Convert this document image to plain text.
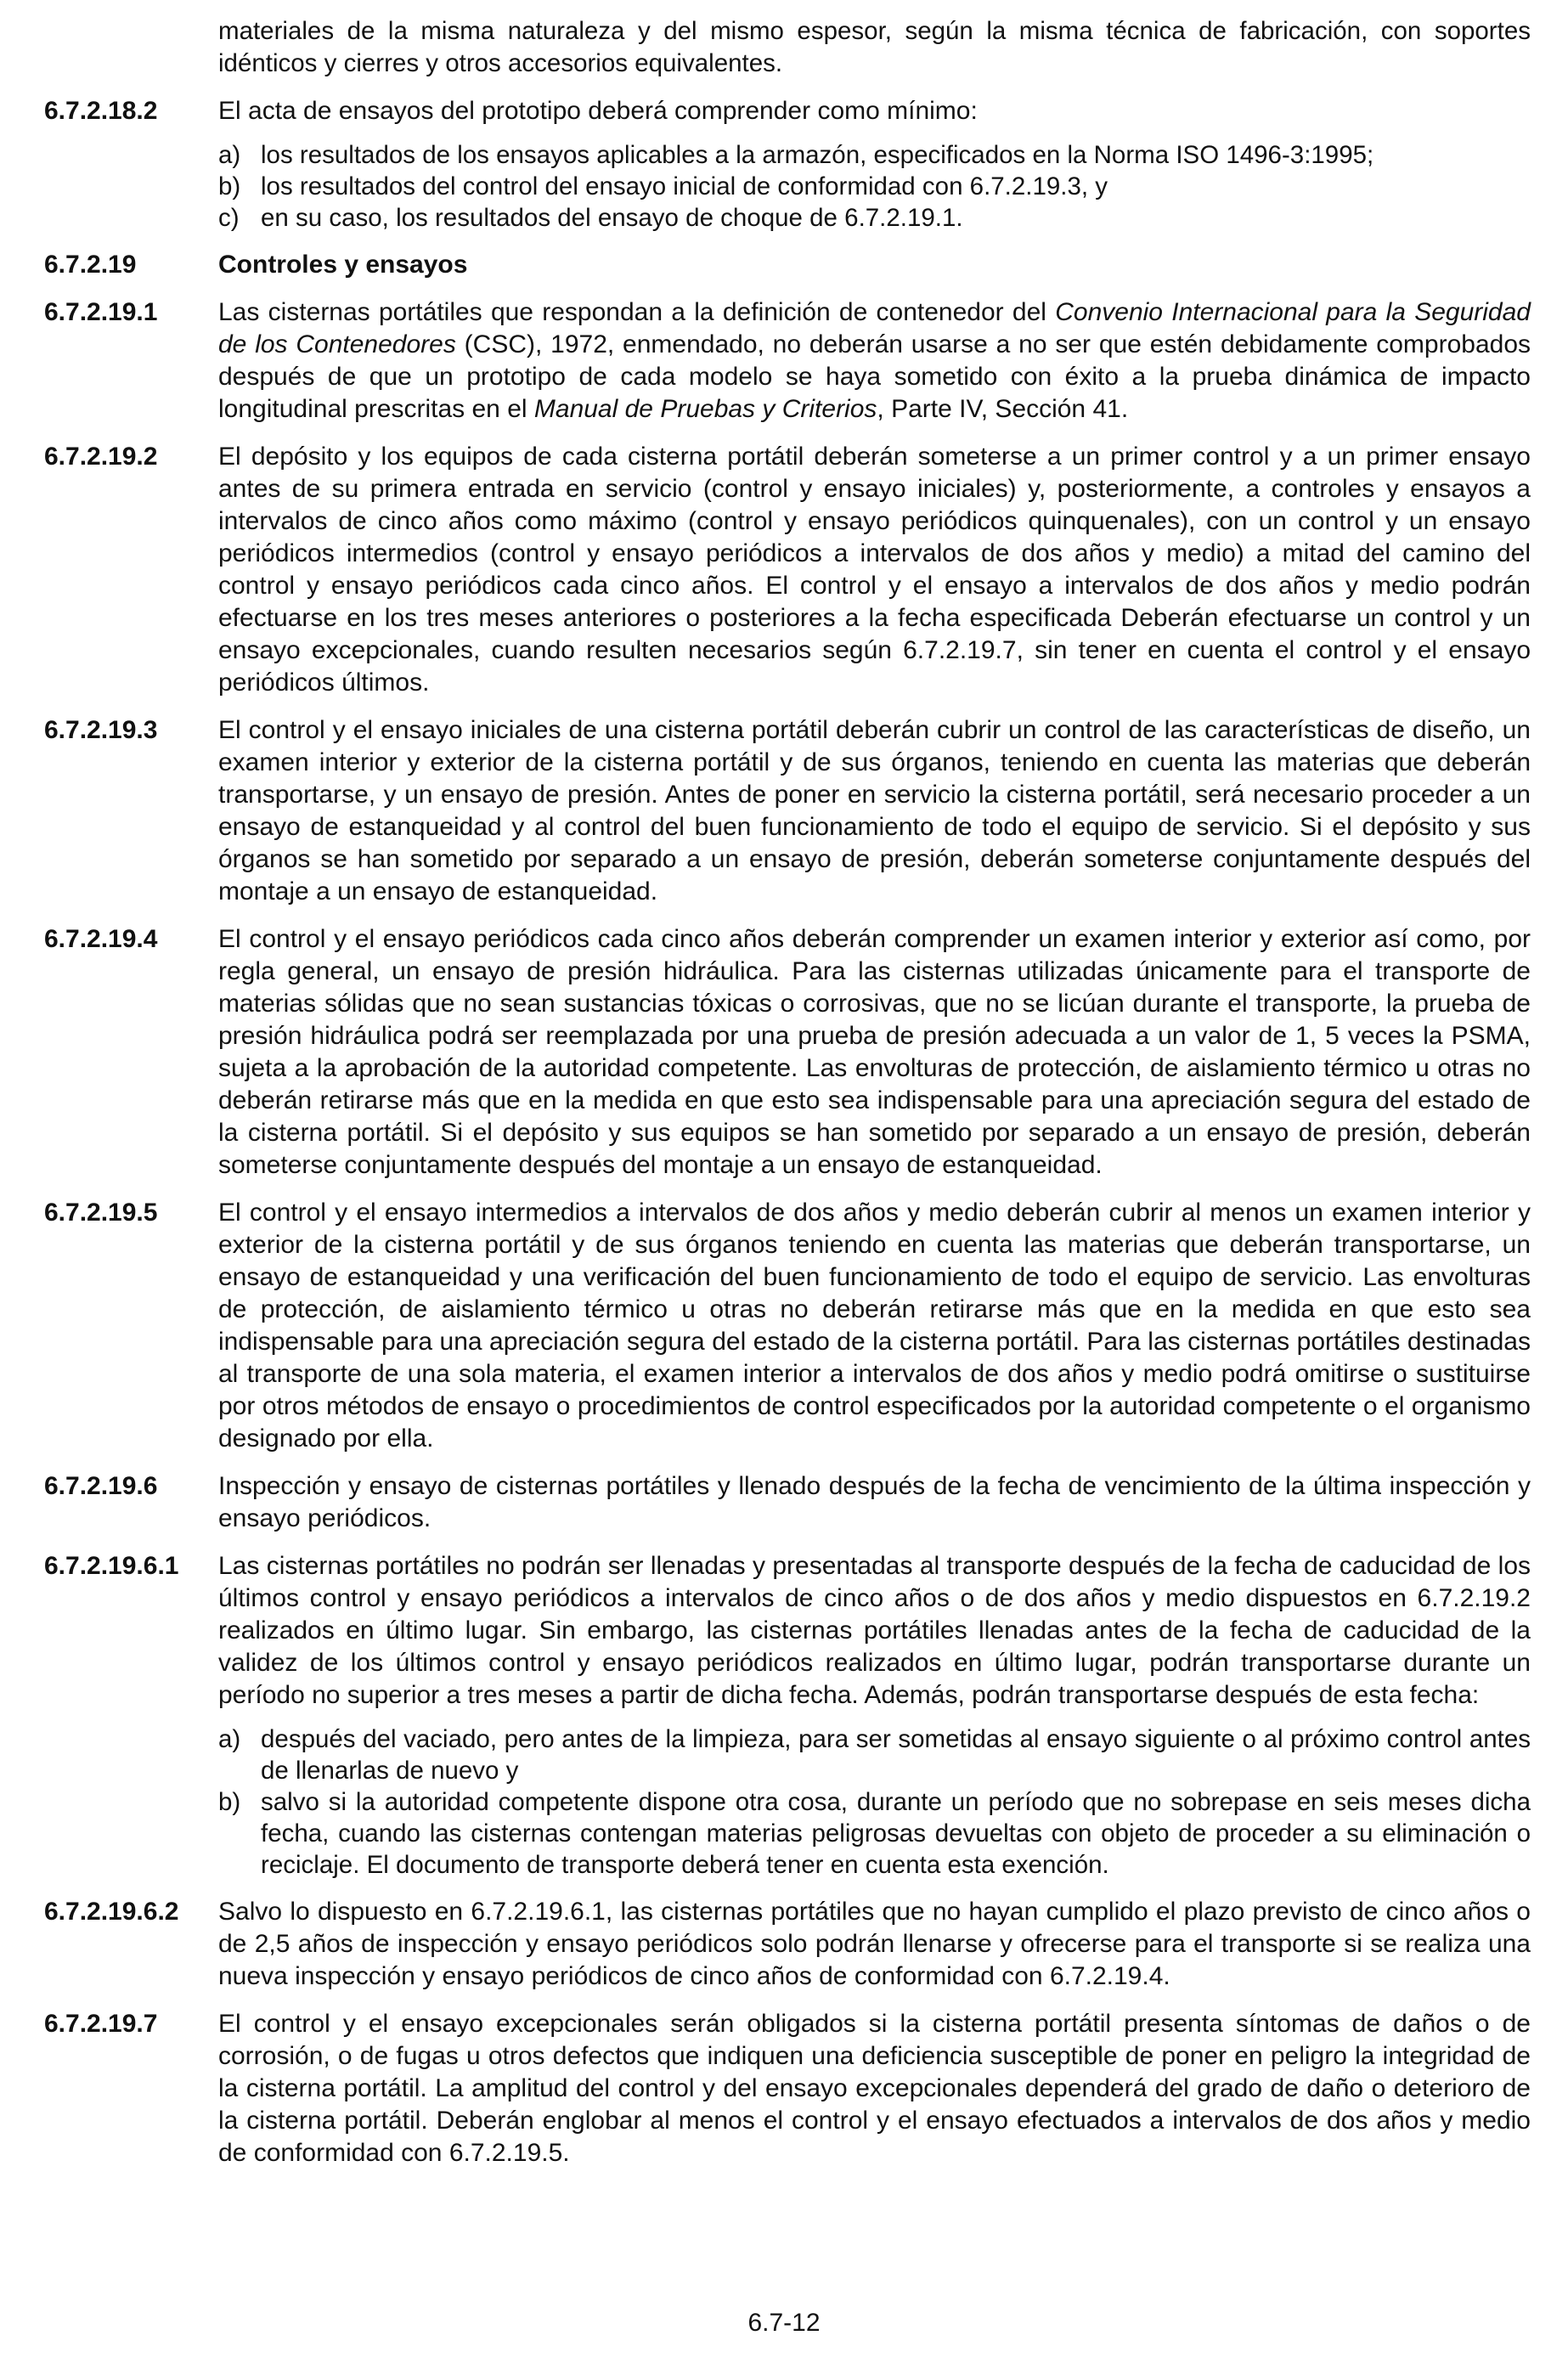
materiales de la misma naturaleza y del mismo espesor, según la misma técnica de fabricación, con soportes idénticos y cierres y otros accesorios equivalentes.
6.7.2.18.2	El acta de ensayos del prototipo deberá comprender como mínimo:
a) los resultados de los ensayos aplicables a la armazón, especificados en la Norma ISO 1496-3:1995;
b) los resultados del control del ensayo inicial de conformidad con 6.7.2.19.3, y
c) en su caso, los resultados del ensayo de choque de 6.7.2.19.1.
6.7.2.19	Controles y ensayos
6.7.2.19.1	Las cisternas portátiles que respondan a la definición de contenedor del Convenio Internacional para la Seguridad de los Contenedores (CSC), 1972, enmendado, no deberán usarse a no ser que estén debidamente comprobados después de que un prototipo de cada modelo se haya sometido con éxito a la prueba dinámica de impacto longitudinal prescritas en el Manual de Pruebas y Criterios, Parte IV, Sección 41.
6.7.2.19.2	El depósito y los equipos de cada cisterna portátil deberán someterse a un primer control y a un primer ensayo antes de su primera entrada en servicio (control y ensayo iniciales) y, posteriormente, a controles y ensayos a intervalos de cinco años como máximo (control y ensayo periódicos quinquenales), con un control y un ensayo periódicos intermedios (control y ensayo periódicos a intervalos de dos años y medio) a mitad del camino del control y ensayo periódicos cada cinco años. El control y el ensayo a intervalos de dos años y medio podrán efectuarse en los tres meses anteriores o posteriores a la fecha especificada Deberán efectuarse un control y un ensayo excepcionales, cuando resulten necesarios según 6.7.2.19.7, sin tener en cuenta el control y el ensayo periódicos últimos.
6.7.2.19.3	El control y el ensayo iniciales de una cisterna portátil deberán cubrir un control de las características de diseño, un examen interior y exterior de la cisterna portátil y de sus órganos, teniendo en cuenta las materias que deberán transportarse, y un ensayo de presión. Antes de poner en servicio la cisterna portátil, será necesario proceder a un ensayo de estanqueidad y al control del buen funcionamiento de todo el equipo de servicio. Si el depósito y sus órganos se han sometido por separado a un ensayo de presión, deberán someterse conjuntamente después del montaje a un ensayo de estanqueidad.
6.7.2.19.4	El control y el ensayo periódicos cada cinco años deberán comprender un examen interior y exterior así como, por regla general, un ensayo de presión hidráulica. Para las cisternas utilizadas únicamente para el transporte de materias sólidas que no sean sustancias tóxicas o corrosivas, que no se licúan durante el transporte, la prueba de presión hidráulica podrá ser reemplazada por una prueba de presión adecuada a un valor de 1, 5 veces la PSMA, sujeta a la aprobación de la autoridad competente. Las envolturas de protección, de aislamiento térmico u otras no deberán retirarse más que en la medida en que esto sea indispensable para una apreciación segura del estado de la cisterna portátil. Si el depósito y sus equipos se han sometido por separado a un ensayo de presión, deberán someterse conjuntamente después del montaje a un ensayo de estanqueidad.
6.7.2.19.5	El control y el ensayo intermedios a intervalos de dos años y medio deberán cubrir al menos un examen interior y exterior de la cisterna portátil y de sus órganos teniendo en cuenta las materias que deberán transportarse, un ensayo de estanqueidad y una verificación del buen funcionamiento de todo el equipo de servicio. Las envolturas de protección, de aislamiento térmico u otras no deberán retirarse más que en la medida en que esto sea indispensable para una apreciación segura del estado de la cisterna portátil. Para las cisternas portátiles destinadas al transporte de una sola materia, el examen interior a intervalos de dos años y medio podrá omitirse o sustituirse por otros métodos de ensayo o procedimientos de control especificados por la autoridad competente o el organismo designado por ella.
6.7.2.19.6	Inspección y ensayo de cisternas portátiles y llenado después de la fecha de vencimiento de la última inspección y ensayo periódicos.
6.7.2.19.6.1	Las cisternas portátiles no podrán ser llenadas y presentadas al transporte después de la fecha de caducidad de los últimos control y ensayo periódicos a intervalos de cinco años o de dos años y medio dispuestos en 6.7.2.19.2 realizados en último lugar. Sin embargo, las cisternas portátiles llenadas antes de la fecha de caducidad de la validez de los últimos control y ensayo periódicos realizados en último lugar, podrán transportarse durante un período no superior a tres meses a partir de dicha fecha. Además, podrán transportarse después de esta fecha:
a) después del vaciado, pero antes de la limpieza, para ser sometidas al ensayo siguiente o al próximo control antes de llenarlas de nuevo y
b) salvo si la autoridad competente dispone otra cosa, durante un período que no sobrepase en seis meses dicha fecha, cuando las cisternas contengan materias peligrosas devueltas con objeto de proceder a su eliminación o reciclaje. El documento de transporte deberá tener en cuenta esta exención.
6.7.2.19.6.2	Salvo lo dispuesto en 6.7.2.19.6.1, las cisternas portátiles que no hayan cumplido el plazo previsto de cinco años o de 2,5 años de inspección y ensayo periódicos solo podrán llenarse y ofrecerse para el transporte si se realiza una nueva inspección y ensayo periódicos de cinco años de conformidad con 6.7.2.19.4.
6.7.2.19.7	El control y el ensayo excepcionales serán obligados si la cisterna portátil presenta síntomas de daños o de corrosión, o de fugas u otros defectos que indiquen una deficiencia susceptible de poner en peligro la integridad de la cisterna portátil. La amplitud del control y del ensayo excepcionales dependerá del grado de daño o deterioro de la cisterna portátil. Deberán englobar al menos el control y el ensayo efectuados a intervalos de dos años y medio de conformidad con 6.7.2.19.5.
6.7-12
